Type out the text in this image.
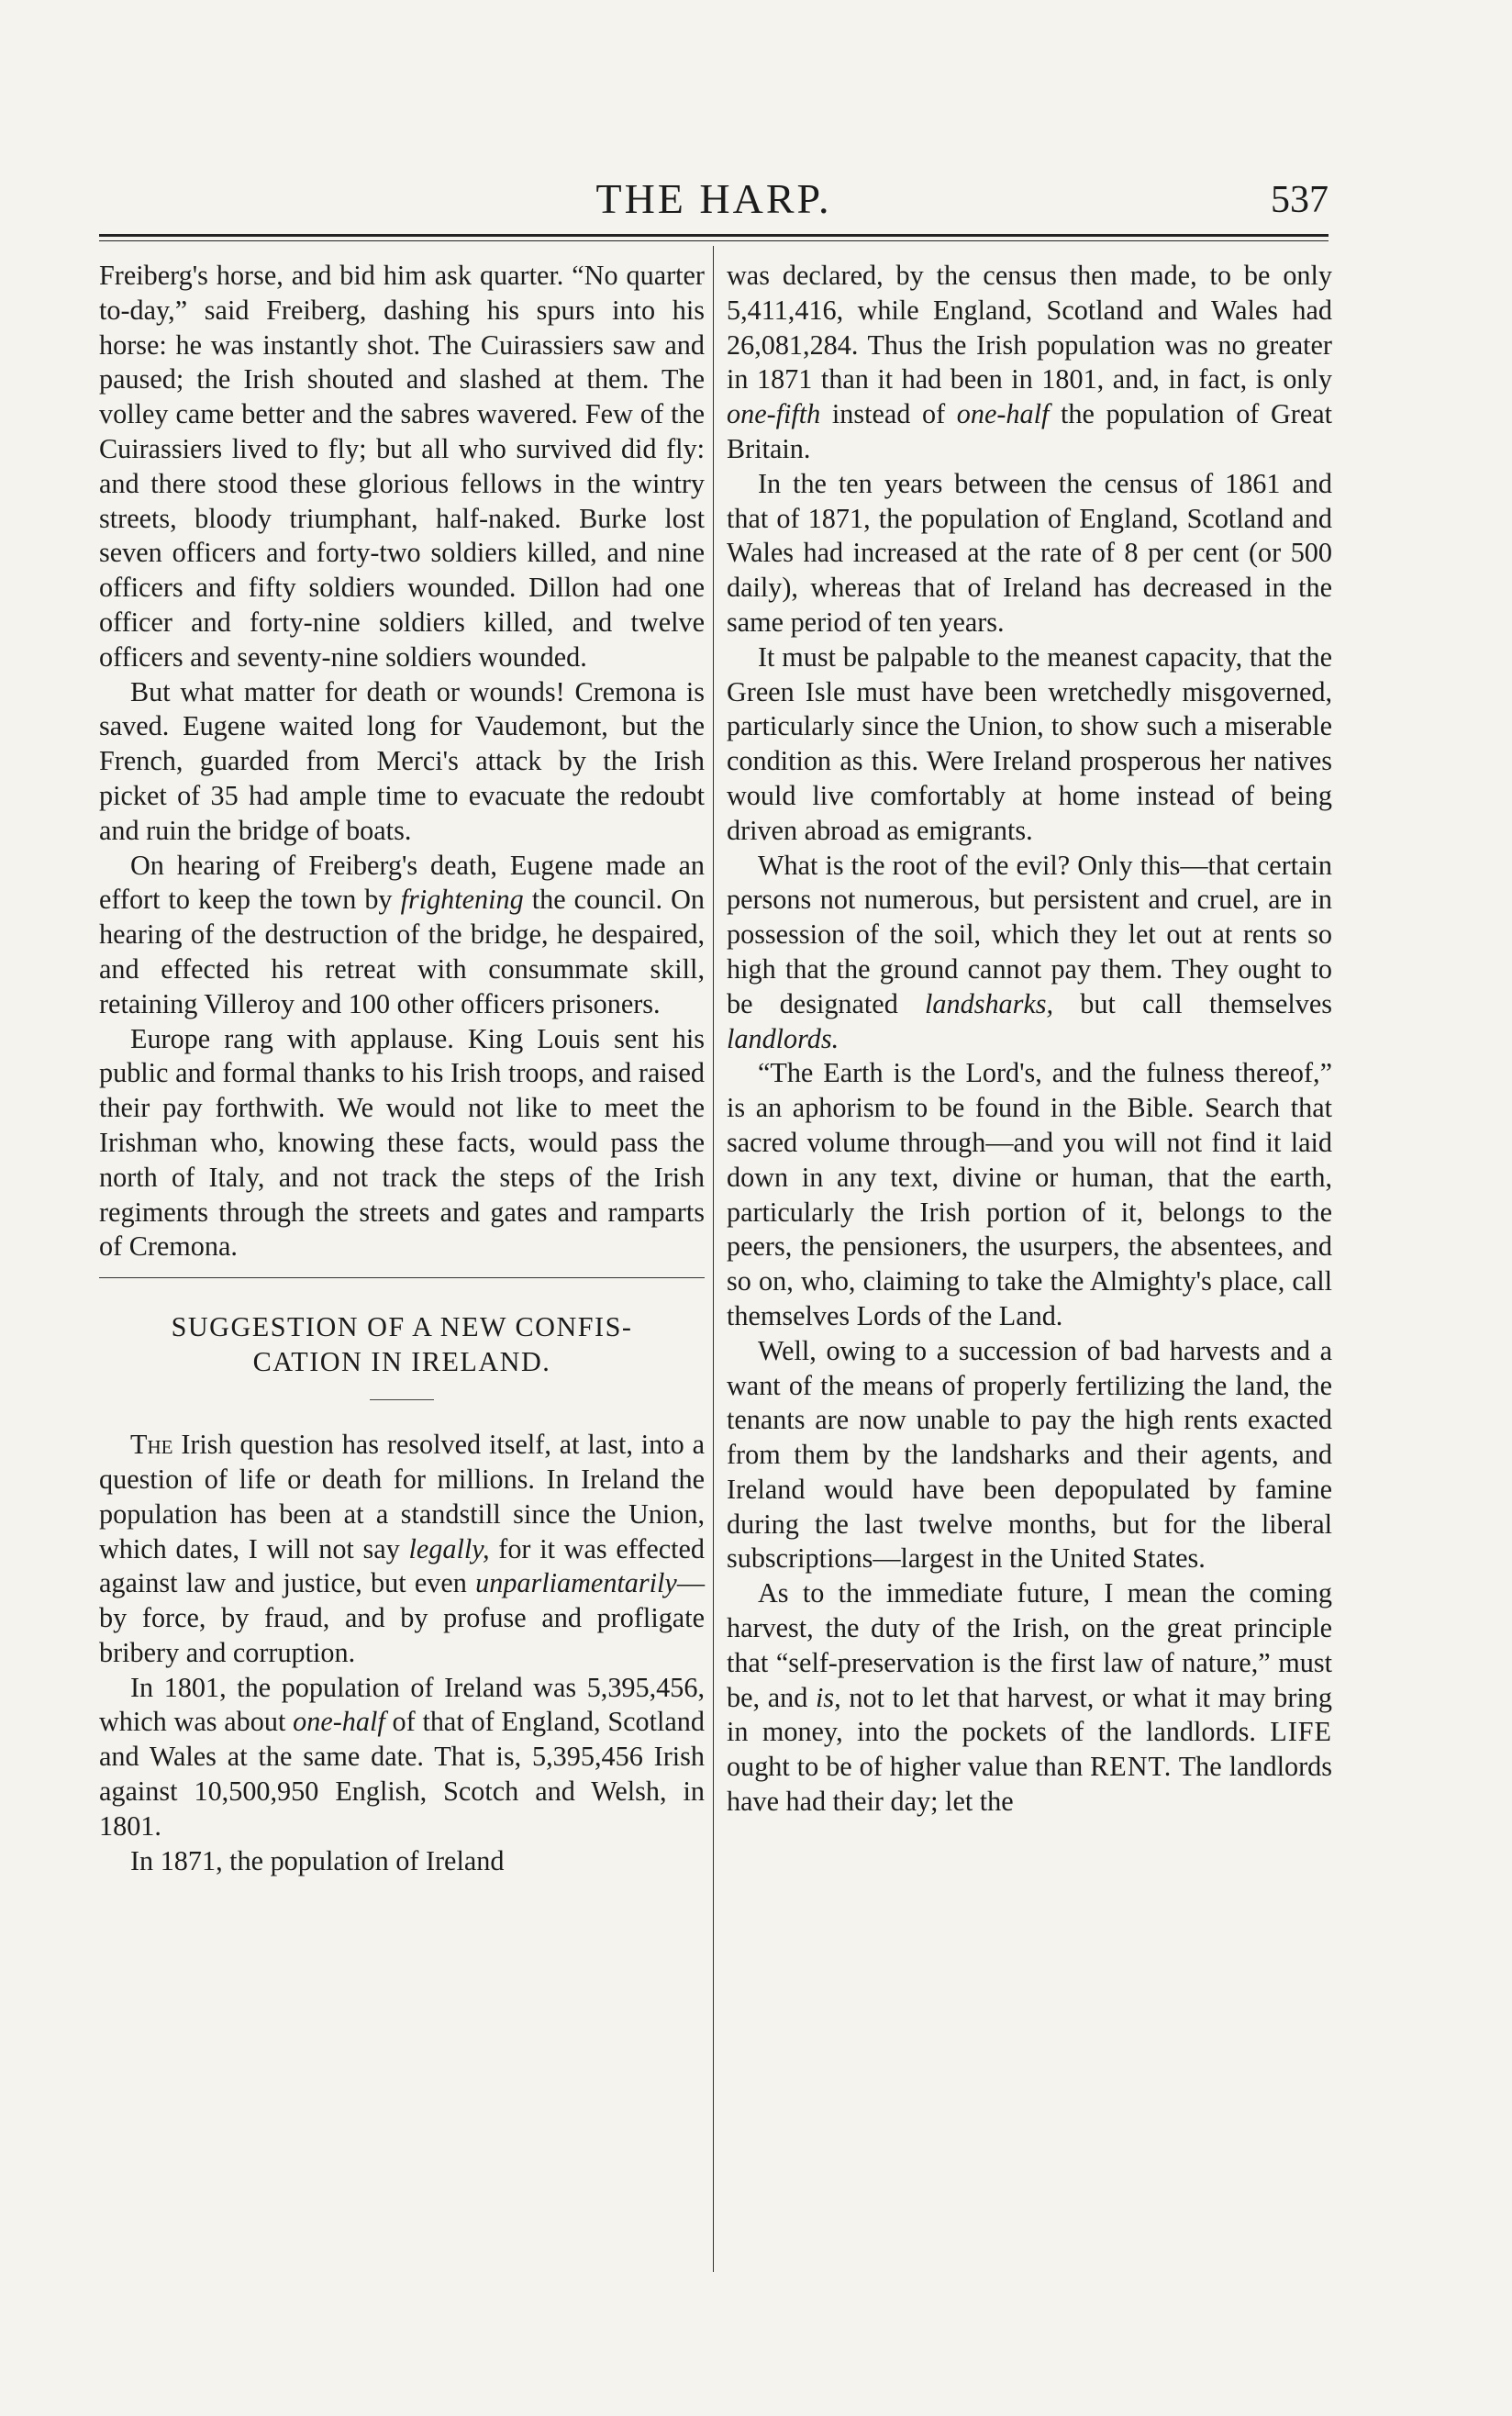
THE HARP.	537

Freiberg's horse, and bid him ask quarter. “No quarter to-day,” said Freiberg, dashing his spurs into his horse: he was instantly shot. The Cuirassiers saw and paused; the Irish shouted and slashed at them. The volley came better and the sabres wavered. Few of the Cuirassiers lived to fly; but all who survived did fly: and there stood these glorious fellows in the wintry streets, bloody triumphant, half-naked. Burke lost seven officers and forty-two soldiers killed, and nine officers and fifty soldiers wounded. Dillon had one officer and forty-nine soldiers killed, and twelve officers and seventy-nine soldiers wounded.

But what matter for death or wounds! Cremona is saved. Eugene waited long for Vaudemont, but the French, guarded from Merci's attack by the Irish picket of 35 had ample time to evacuate the redoubt and ruin the bridge of boats.

On hearing of Freiberg's death, Eugene made an effort to keep the town by frightening the council. On hearing of the destruction of the bridge, he despaired, and effected his retreat with consummate skill, retaining Villeroy and 100 other officers prisoners.

Europe rang with applause. King Louis sent his public and formal thanks to his Irish troops, and raised their pay forthwith. We would not like to meet the Irishman who, knowing these facts, would pass the north of Italy, and not track the steps of the Irish regiments through the streets and gates and ramparts of Cremona.

SUGGESTION OF A NEW CONFIS-
CATION IN IRELAND.

The Irish question has resolved itself, at last, into a question of life or death for millions. In Ireland the population has been at a standstill since the Union, which dates, I will not say legally, for it was effected against law and justice, but even unparliamentarily—by force, by fraud, and by profuse and profligate bribery and corruption.

In 1801, the population of Ireland was 5,395,456, which was about one-half of that of England, Scotland and Wales at the same date. That is, 5,395,456 Irish against 10,500,950 English, Scotch and Welsh, in 1801.

In 1871, the population of Ireland

was declared, by the census then made, to be only 5,411,416, while England, Scotland and Wales had 26,081,284. Thus the Irish population was no greater in 1871 than it had been in 1801, and, in fact, is only one-fifth instead of one-half the population of Great Britain.

In the ten years between the census of 1861 and that of 1871, the population of England, Scotland and Wales had increased at the rate of 8 per cent (or 500 daily), whereas that of Ireland has decreased in the same period of ten years.

It must be palpable to the meanest capacity, that the Green Isle must have been wretchedly misgoverned, particularly since the Union, to show such a miserable condition as this. Were Ireland prosperous her natives would live comfortably at home instead of being driven abroad as emigrants.

What is the root of the evil? Only this—that certain persons not numerous, but persistent and cruel, are in possession of the soil, which they let out at rents so high that the ground cannot pay them. They ought to be designated landsharks, but call themselves landlords.

“The Earth is the Lord's, and the fulness thereof,” is an aphorism to be found in the Bible. Search that sacred volume through—and you will not find it laid down in any text, divine or human, that the earth, particularly the Irish portion of it, belongs to the peers, the pensioners, the usurpers, the absentees, and so on, who, claiming to take the Almighty's place, call themselves Lords of the Land.

Well, owing to a succession of bad harvests and a want of the means of properly fertilizing the land, the tenants are now unable to pay the high rents exacted from them by the landsharks and their agents, and Ireland would have been depopulated by famine during the last twelve months, but for the liberal subscriptions—largest in the United States.

As to the immediate future, I mean the coming harvest, the duty of the Irish, on the great principle that “self-preservation is the first law of nature,” must be, and is, not to let that harvest, or what it may bring in money, into the pockets of the landlords. LIFE ought to be of higher value than RENT. The landlords have had their day; let the
